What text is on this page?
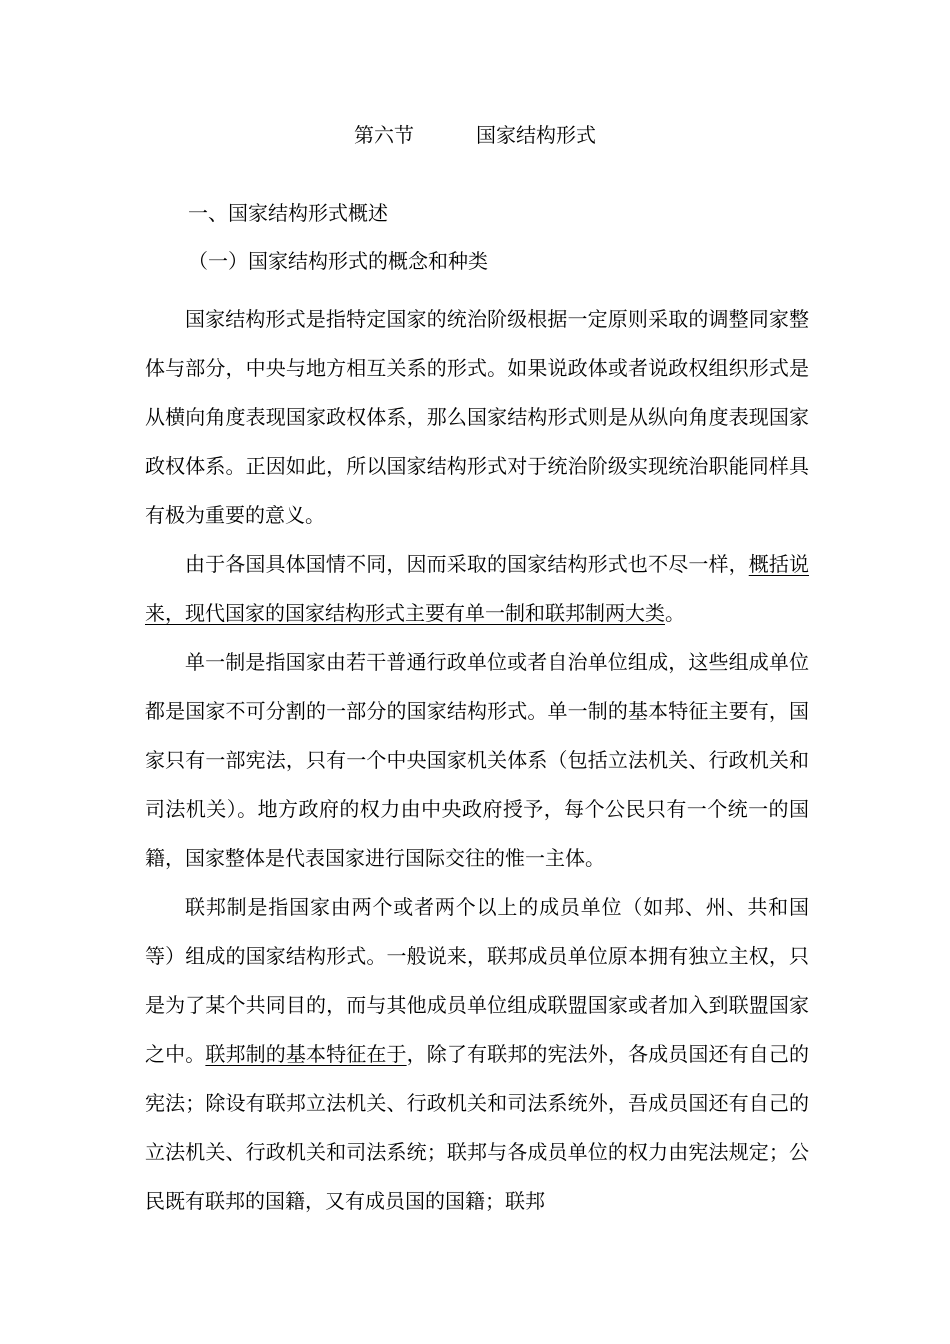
第六节	国家结构形式
一、国家结构形式概述
（一）国家结构形式的概念和种类

国家结构形式是指特定国家的统治阶级根据一定原则采取的调整同家整体与部分，中央与地方相互关系的形式。如果说政体或者说政权组织形式是从横向角度表现国家政权体系，那么国家结构形式则是从纵向角度表现国家政权体系。正因如此，所以国家结构形式对于统治阶级实现统治职能同样具有极为重要的意义。

由于各国具体国情不同，因而采取的国家结构形式也不尽一样，概括说来，现代国家的国家结构形式主要有单一制和联邦制两大类。

单一制是指国家由若干普通行政单位或者自治单位组成，这些组成单位都是国家不可分割的一部分的国家结构形式。单一制的基本特征主要有，国家只有一部宪法，只有一个中央国家机关体系（包括立法机关、行政机关和司法机关）。地方政府的权力由中央政府授予，每个公民只有一个统一的国籍，国家整体是代表国家进行国际交往的惟一主体。

联邦制是指国家由两个或者两个以上的成员单位（如邦、州、共和国等）组成的国家结构形式。一般说来，联邦成员单位原本拥有独立主权，只是为了某个共同目的，而与其他成员单位组成联盟国家或者加入到联盟国家之中。联邦制的基本特征在于，除了有联邦的宪法外，各成员国还有自己的宪法；除设有联邦立法机关、行政机关和司法系统外，吾成员国还有自己的立法机关、行政机关和司法系统；联邦与各成员单位的权力由宪法规定；公民既有联邦的国籍，又有成员国的国籍；联邦
